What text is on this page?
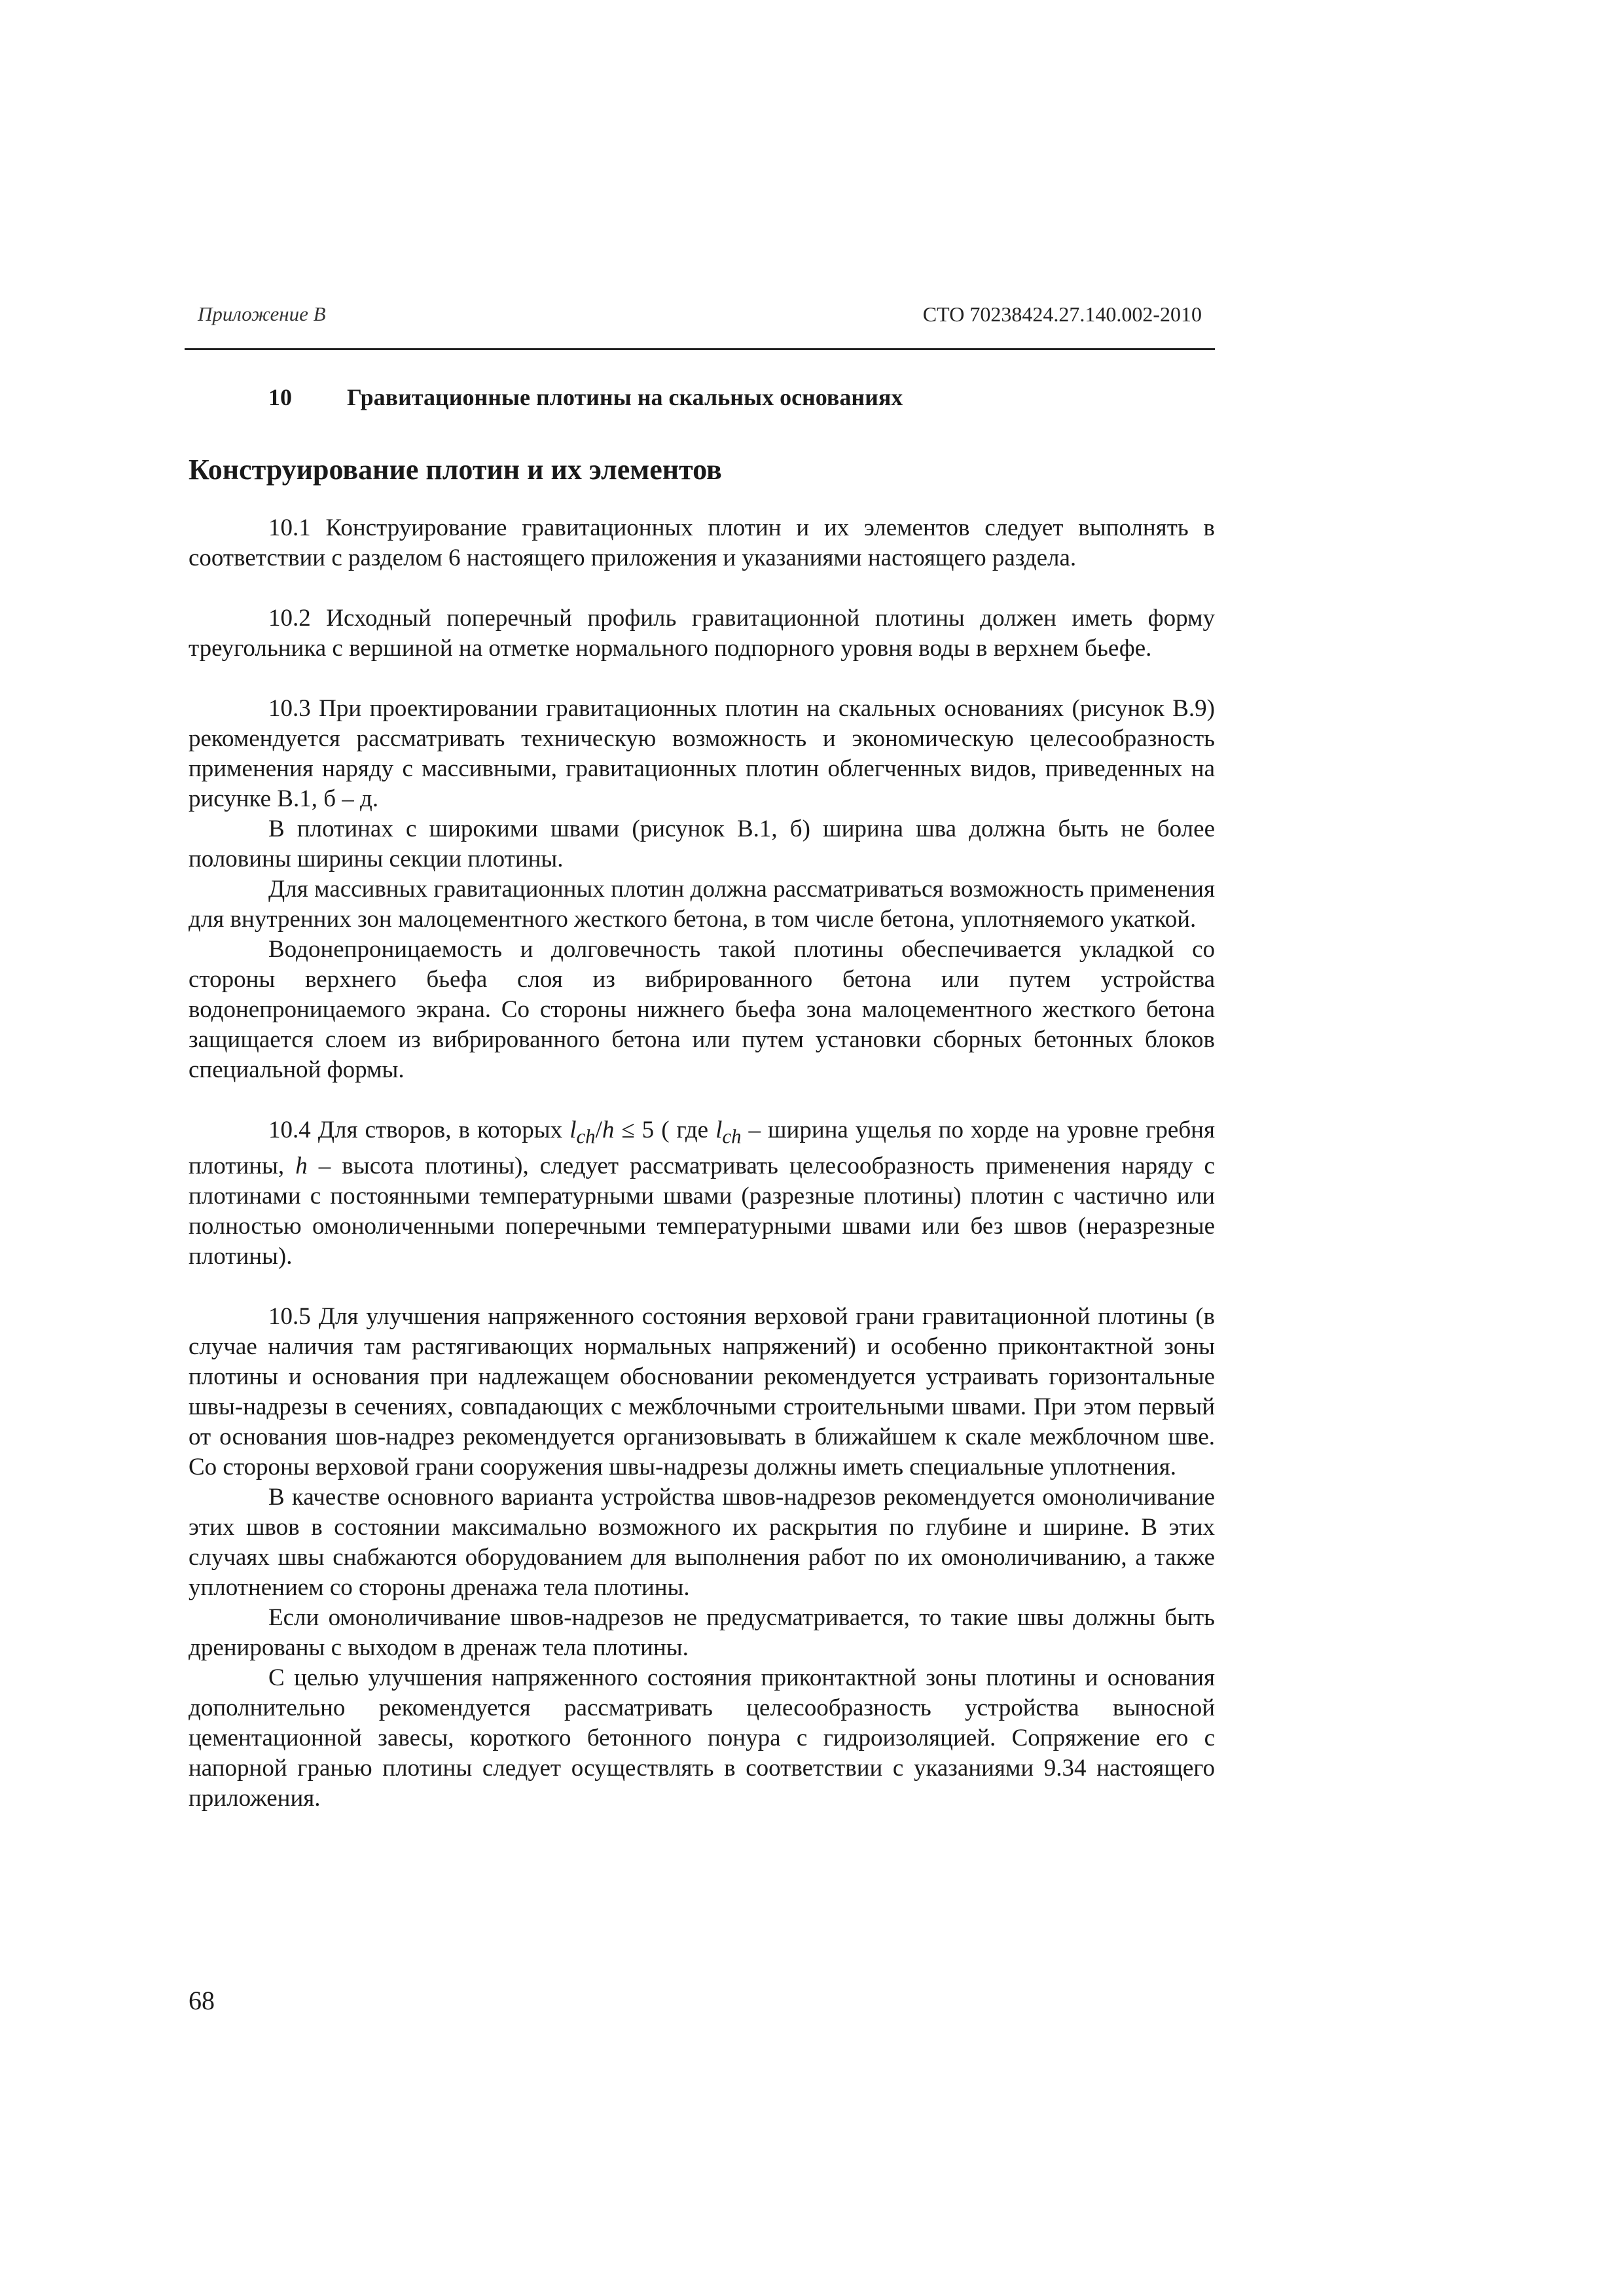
Приложение В	СТО 70238424.27.140.002-2010
10 Гравитационные плотины на скальных основаниях
Конструирование плотин и их элементов

10.1 Конструирование гравитационных плотин и их элементов следует выполнять в соответствии с разделом 6 настоящего приложения и указаниями настоящего раздела.

10.2 Исходный поперечный профиль гравитационной плотины должен иметь форму треугольника с вершиной на отметке нормального подпорного уровня воды в верхнем бьефе.

10.3 При проектировании гравитационных плотин на скальных основаниях (рисунок В.9) рекомендуется рассматривать техническую возможность и экономическую целесообразность применения наряду с массивными, гравитационных плотин облегченных видов, приведенных на рисунке В.1, б – д.

В плотинах с широкими швами (рисунок В.1, б) ширина шва должна быть не более половины ширины секции плотины.

Для массивных гравитационных плотин должна рассматриваться возможность применения для внутренних зон малоцементного жесткого бетона, в том числе бетона, уплотняемого укаткой.

Водонепроницаемость и долговечность такой плотины обеспечивается укладкой со стороны верхнего бьефа слоя из вибрированного бетона или путем устройства водонепроницаемого экрана. Со стороны нижнего бьефа зона малоцементного жесткого бетона защищается слоем из вибрированного бетона или путем установки сборных бетонных блоков специальной формы.

10.4 Для створов, в которых $l_{ch}/h \le 5$ ( где $l_{ch}$ – ширина ущелья по хорде на уровне гребня плотины, h – высота плотины), следует рассматривать целесообразность применения наряду с плотинами с постоянными температурными швами (разрезные плотины) плотин с частично или полностью омоноличенными поперечными температурными швами или без швов (неразрезные плотины).

10.5 Для улучшения напряженного состояния верховой грани гравитационной плотины (в случае наличия там растягивающих нормальных напряжений) и особенно приконтактной зоны плотины и основания при надлежащем обосновании рекомендуется устраивать горизонтальные швы-надрезы в сечениях, совпадающих с межблочными строительными швами. При этом первый от основания шов-надрез рекомендуется организовывать в ближайшем к скале межблочном шве. Со стороны верховой грани сооружения швы-надрезы должны иметь специальные уплотнения.

В качестве основного варианта устройства швов-надрезов рекомендуется омоноличивание этих швов в состоянии максимально возможного их раскрытия по глубине и ширине. В этих случаях швы снабжаются оборудованием для выполнения работ по их омоноличиванию, а также уплотнением со стороны дренажа тела плотины.

Если омоноличивание швов-надрезов не предусматривается, то такие швы должны быть дренированы с выходом в дренаж тела плотины.

С целью улучшения напряженного состояния приконтактной зоны плотины и основания дополнительно рекомендуется рассматривать целесообразность устройства выносной цементационной завесы, короткого бетонного понура с гидроизоляцией. Сопряжение его с напорной гранью плотины следует осуществлять в соответствии с указаниями 9.34 настоящего приложения.

68
